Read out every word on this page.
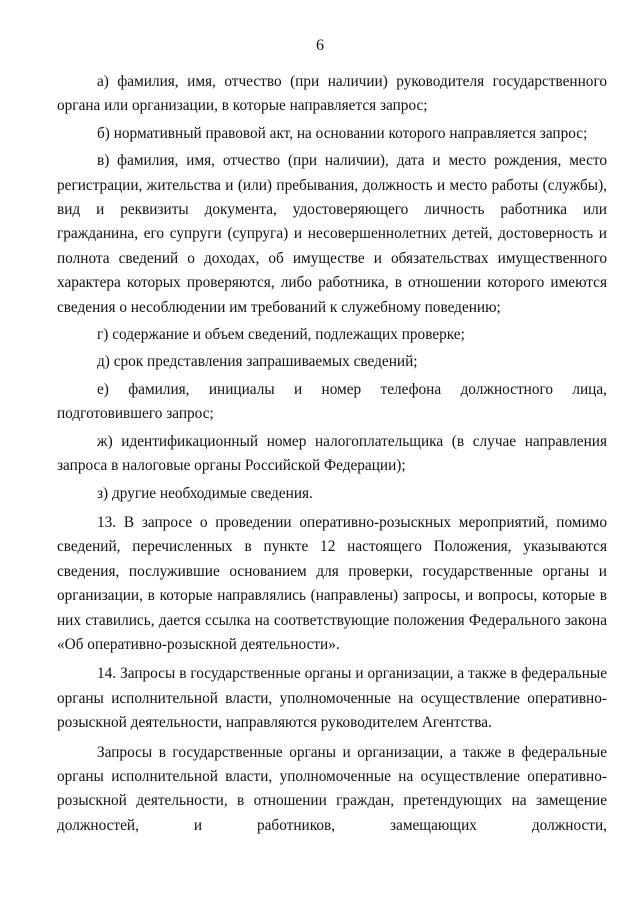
6

а) фамилия, имя, отчество (при наличии) руководителя государственного органа или организации, в которые направляется запрос;

б) нормативный правовой акт, на основании которого направляется запрос;

в) фамилия, имя, отчество (при наличии), дата и место рождения, место регистрации, жительства и (или) пребывания, должность и место работы (службы), вид и реквизиты документа, удостоверяющего личность работника или гражданина, его супруги (супруга) и несовершеннолетних детей, достоверность и полнота сведений о доходах, об имуществе и обязательствах имущественного характера которых проверяются, либо работника, в отношении которого имеются сведения о несоблюдении им требований к служебному поведению;

г) содержание и объем сведений, подлежащих проверке;

д) срок представления запрашиваемых сведений;

е) фамилия, инициалы и номер телефона должностного лица, подготовившего запрос;

ж) идентификационный номер налогоплательщика (в случае направления запроса в налоговые органы Российской Федерации);

з) другие необходимые сведения.

13. В запросе о проведении оперативно-розыскных мероприятий, помимо сведений, перечисленных в пункте 12 настоящего Положения, указываются сведения, послужившие основанием для проверки, государственные органы и организации, в которые направлялись (направлены) запросы, и вопросы, которые в них ставились, дается ссылка на соответствующие положения Федерального закона «Об оперативно-розыскной деятельности».

14. Запросы в государственные органы и организации, а также в федеральные органы исполнительной власти, уполномоченные на осуществление оперативно-розыскной деятельности, направляются руководителем Агентства.

Запросы в государственные органы и организации, а также в федеральные органы исполнительной власти, уполномоченные на осуществление оперативно-розыскной деятельности, в отношении граждан, претендующих на замещение должностей, и работников, замещающих должности,
